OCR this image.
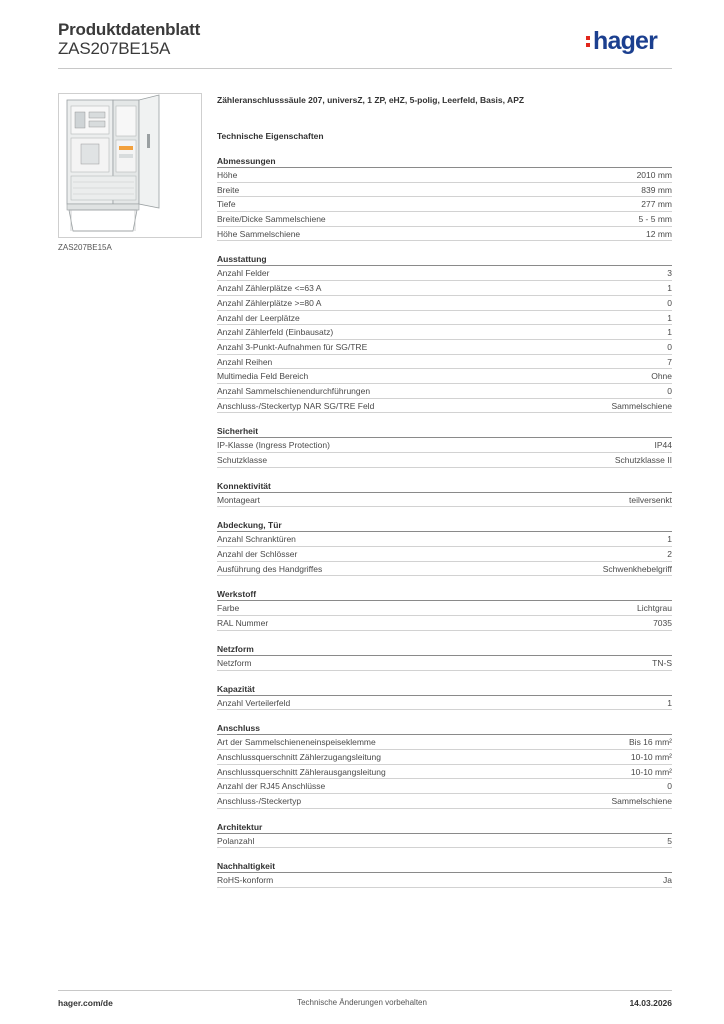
Produktdatenblatt
ZAS207BE15A	hager
ZAS207BE15A
Zähleranschlusssäule 207, universZ, 1 ZP, eHZ, 5-polig, Leerfeld, Basis, APZ
Technische Eigenschaften
Abmessungen
Höhe	2010 mm
Breite	839 mm
Tiefe	277 mm
Breite/Dicke Sammelschiene	5 - 5 mm
Höhe Sammelschiene	12 mm
Ausstattung
Anzahl Felder	3
Anzahl Zählerplätze <=63 A	1
Anzahl Zählerplätze >=80 A	0
Anzahl der Leerplätze	1
Anzahl Zählerfeld (Einbausatz)	1
Anzahl 3-Punkt-Aufnahmen für SG/TRE	0
Anzahl Reihen	7
Multimedia Feld Bereich	Ohne
Anzahl Sammelschienendurchführungen	0
Anschluss-/Steckertyp NAR SG/TRE Feld	Sammelschiene
Sicherheit
IP-Klasse (Ingress Protection)	IP44
Schutzklasse	Schutzklasse II
Konnektivität
Montageart	teilversenkt
Abdeckung, Tür
Anzahl Schranktüren	1
Anzahl der Schlösser	2
Ausführung des Handgriffes	Schwenkhebelgriff
Werkstoff
Farbe	Lichtgrau
RAL Nummer	7035
Netzform
Netzform	TN-S
Kapazität
Anzahl Verteilerfeld	1
Anschluss
Art der Sammelschieneneinspeiseklemme	Bis 16 mm²
Anschlussquerschnitt Zählerzugangsleitung	10-10 mm²
Anschlussquerschnitt Zählerausgangsleitung	10-10 mm²
Anzahl der RJ45 Anschlüsse	0
Anschluss-/Steckertyp	Sammelschiene
Architektur
Polanzahl	5
Nachhaltigkeit
RoHS-konform	Ja
hager.com/de	Technische Änderungen vorbehalten	14.03.2026
